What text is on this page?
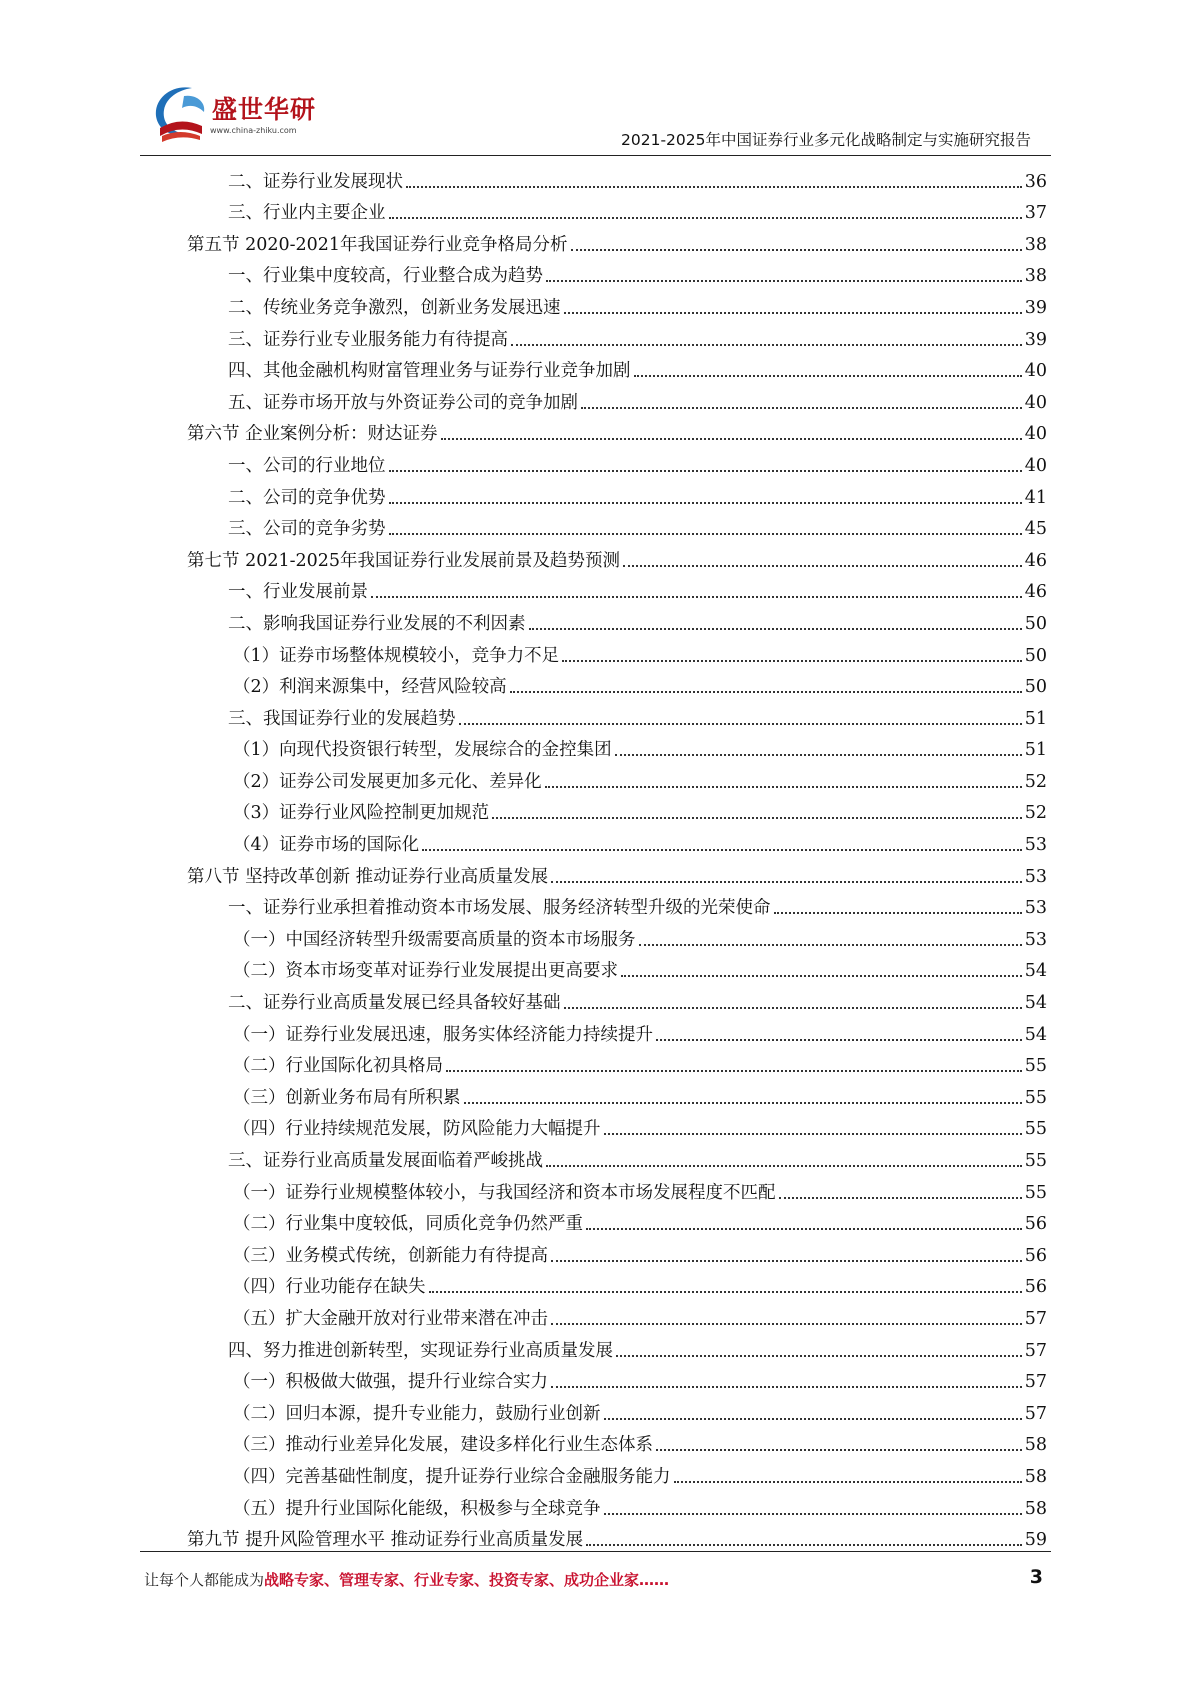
盛世华研
www.china-zhiku.com
2021-2025年中国证券行业多元化战略制定与实施研究报告
二、证券行业发展现状	36
三、行业内主要企业	37
第五节 2020-2021年我国证券行业竞争格局分析	38
一、行业集中度较高，行业整合成为趋势	38
二、传统业务竞争激烈，创新业务发展迅速	39
三、证券行业专业服务能力有待提高	39
四、其他金融机构财富管理业务与证券行业竞争加剧	40
五、证券市场开放与外资证券公司的竞争加剧	40
第六节 企业案例分析：财达证券	40
一、公司的行业地位	40
二、公司的竞争优势	41
三、公司的竞争劣势	45
第七节 2021-2025年我国证券行业发展前景及趋势预测	46
一、行业发展前景	46
二、影响我国证券行业发展的不利因素	50
（1）证券市场整体规模较小，竞争力不足	50
（2）利润来源集中，经营风险较高	50
三、我国证券行业的发展趋势	51
（1）向现代投资银行转型，发展综合的金控集团	51
（2）证券公司发展更加多元化、差异化	52
（3）证券行业风险控制更加规范	52
（4）证券市场的国际化	53
第八节 坚持改革创新 推动证券行业高质量发展	53
一、证券行业承担着推动资本市场发展、服务经济转型升级的光荣使命	53
（一）中国经济转型升级需要高质量的资本市场服务	53
（二）资本市场变革对证券行业发展提出更高要求	54
二、证券行业高质量发展已经具备较好基础	54
（一）证券行业发展迅速，服务实体经济能力持续提升	54
（二）行业国际化初具格局	55
（三）创新业务布局有所积累	55
（四）行业持续规范发展，防风险能力大幅提升	55
三、证券行业高质量发展面临着严峻挑战	55
（一）证券行业规模整体较小，与我国经济和资本市场发展程度不匹配	55
（二）行业集中度较低，同质化竞争仍然严重	56
（三）业务模式传统，创新能力有待提高	56
（四）行业功能存在缺失	56
（五）扩大金融开放对行业带来潜在冲击	57
四、努力推进创新转型，实现证券行业高质量发展	57
（一）积极做大做强，提升行业综合实力	57
（二）回归本源，提升专业能力，鼓励行业创新	57
（三）推动行业差异化发展，建设多样化行业生态体系	58
（四）完善基础性制度，提升证券行业综合金融服务能力	58
（五）提升行业国际化能级，积极参与全球竞争	58
第九节 提升风险管理水平 推动证券行业高质量发展	59
让每个人都能成为战略专家、管理专家、行业专家、投资专家、成功企业家……	3
